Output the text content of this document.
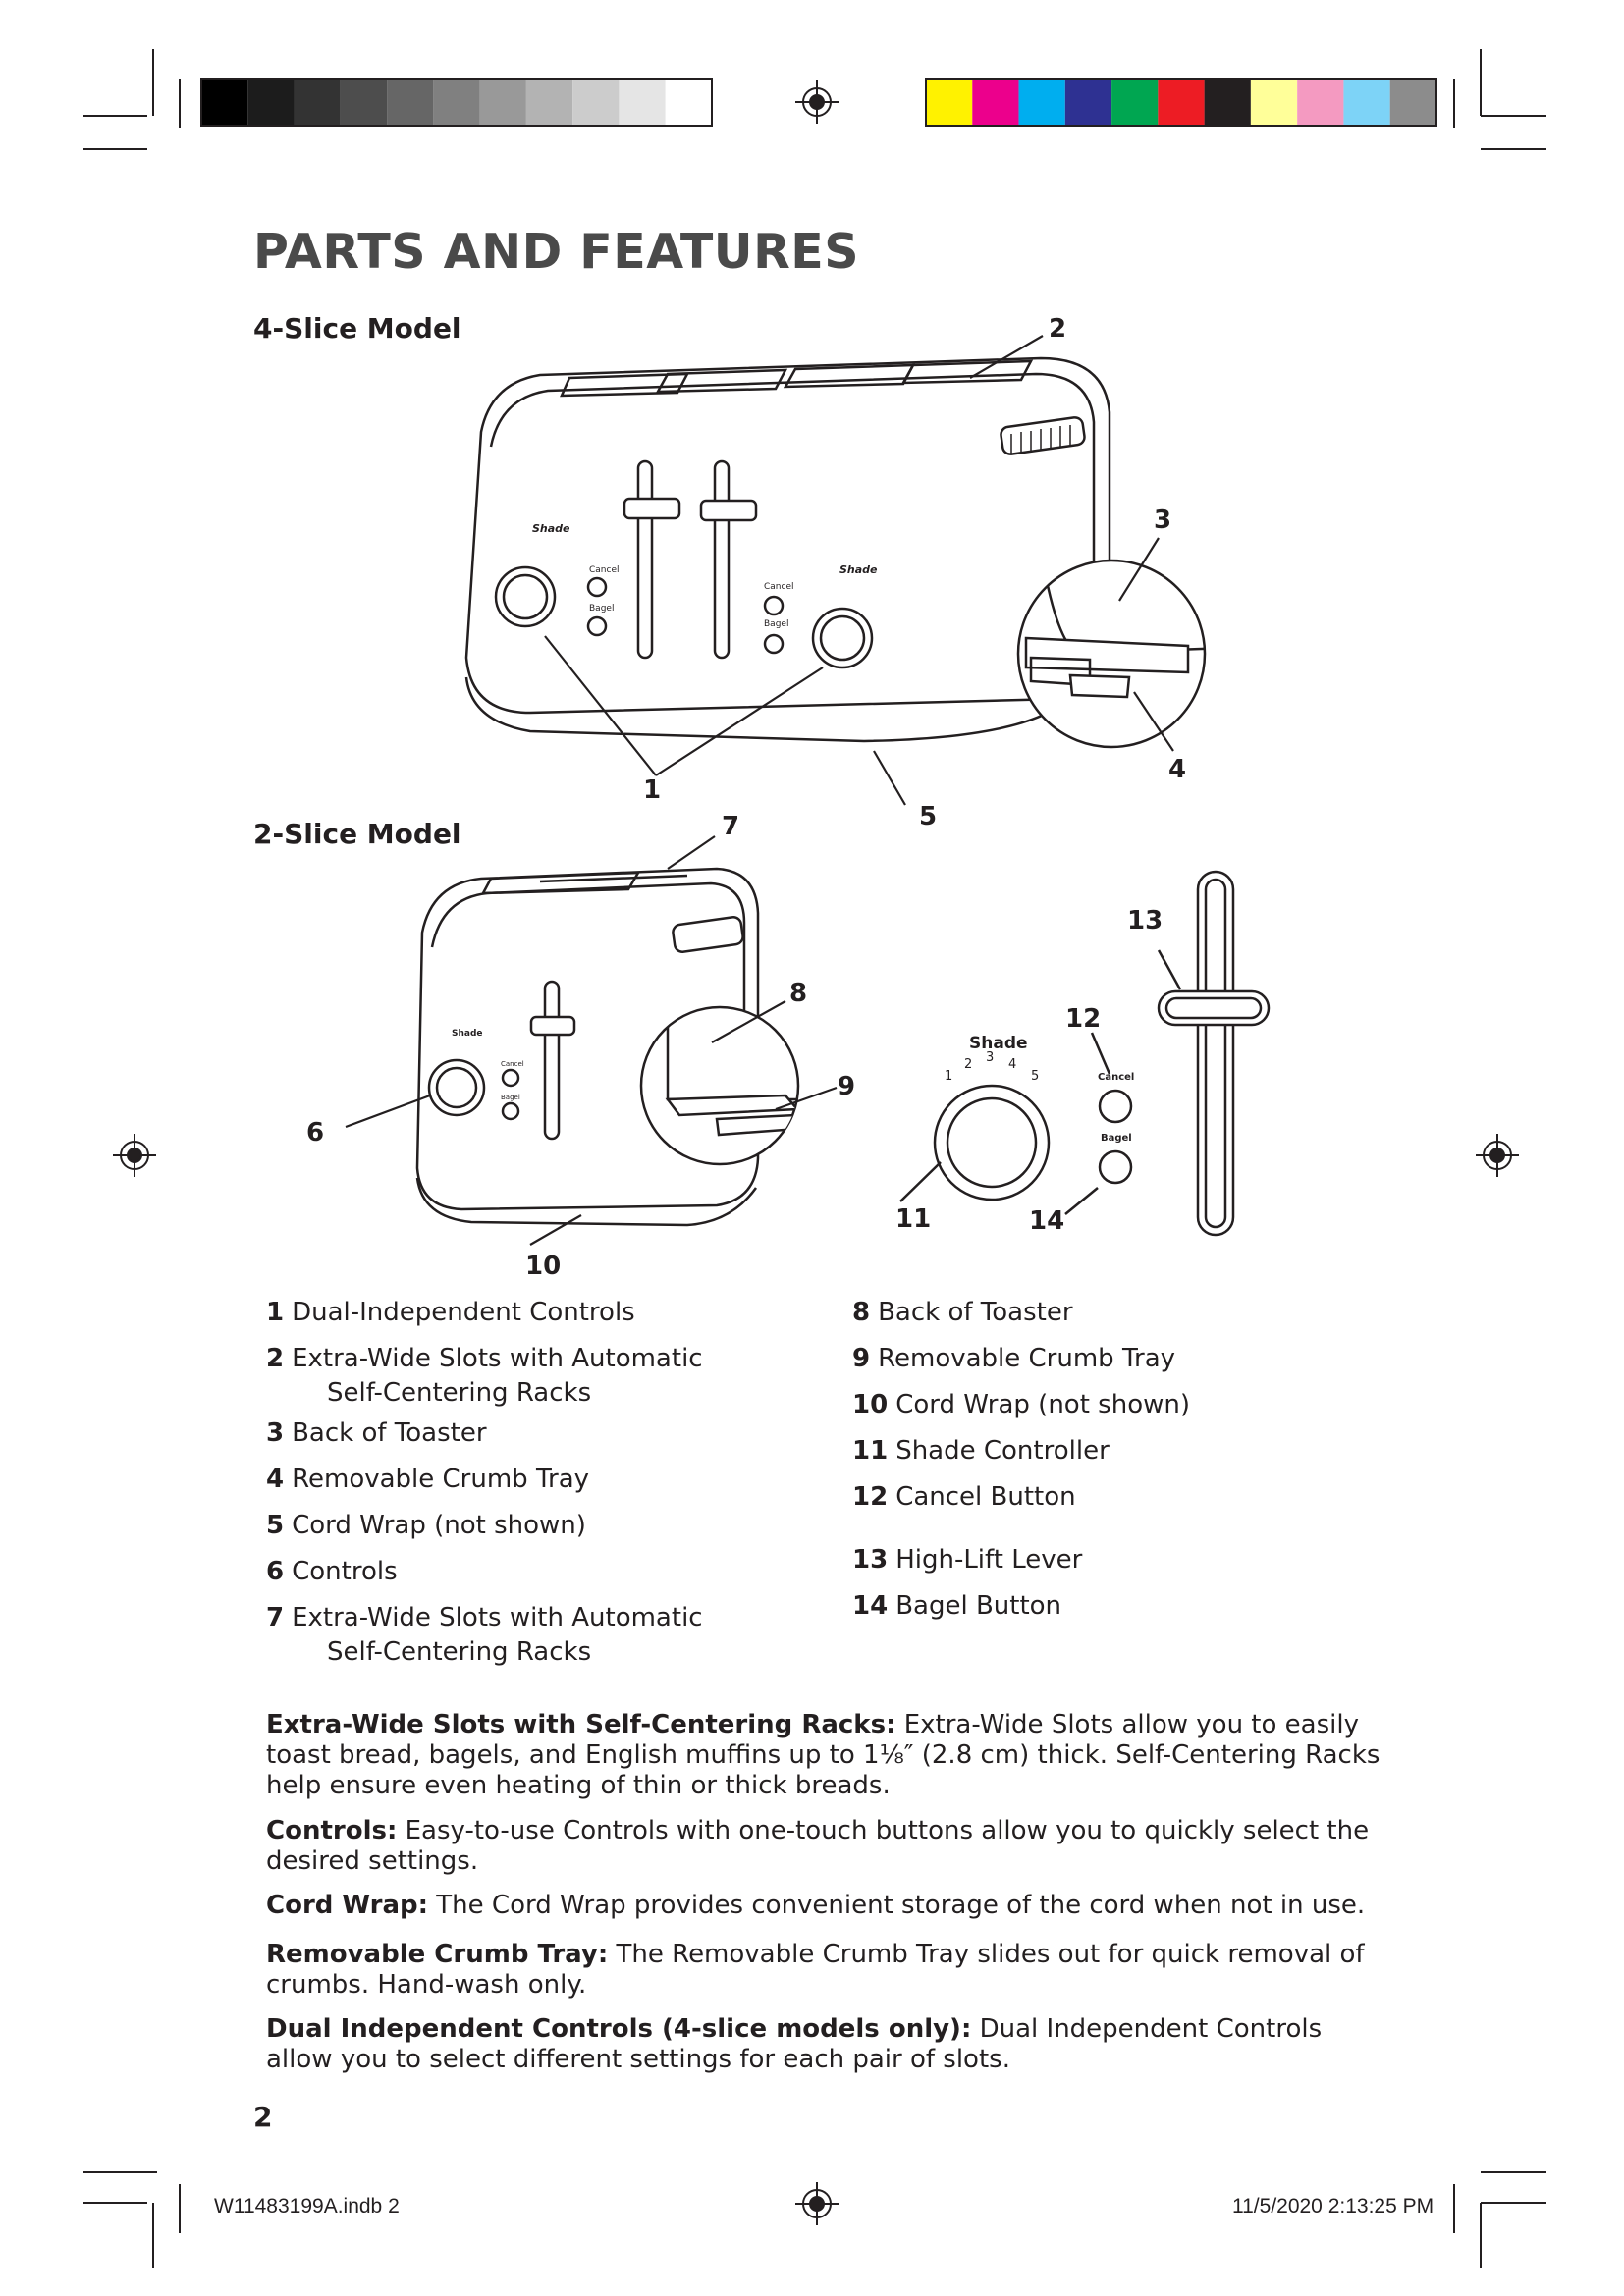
PARTS AND FEATURES
4-Slice Model
2-Slice Model
Shade
Shade
Cancel
Bagel
Cancel
Bagel
Shade
Cancel
Bagel
Shade
1
2 3 4
5	Cancel
Bagel
1
2
3
4
5
6
7
8
9
10
11
12
13
14
1 Dual-Independent Controls
2 Extra-Wide Slots with Automatic
Self-Centering Racks
3 Back of Toaster
4 Removable Crumb Tray
5 Cord Wrap (not shown)
6 Controls
7 Extra-Wide Slots with Automatic
Self-Centering Racks
8 Back of Toaster
9 Removable Crumb Tray
10 Cord Wrap (not shown)
11 Shade Controller
12 Cancel Button
13 High-Lift Lever
14 Bagel Button

Extra-Wide Slots with Self-Centering Racks: Extra-Wide Slots allow you to easily toast bread, bagels, and English muffins up to 1⅛″ (2.8 cm) thick. Self-Centering Racks help ensure even heating of thin or thick breads.

Controls: Easy-to-use Controls with one-touch buttons allow you to quickly select the desired settings.

Cord Wrap: The Cord Wrap provides convenient storage of the cord when not in use.

Removable Crumb Tray: The Removable Crumb Tray slides out for quick removal of crumbs. Hand-wash only.

Dual Independent Controls (4-slice models only): Dual Independent Controls allow you to select different settings for each pair of slots.

2
W11483199A.indb 2	11/5/2020 2:13:25 PM
